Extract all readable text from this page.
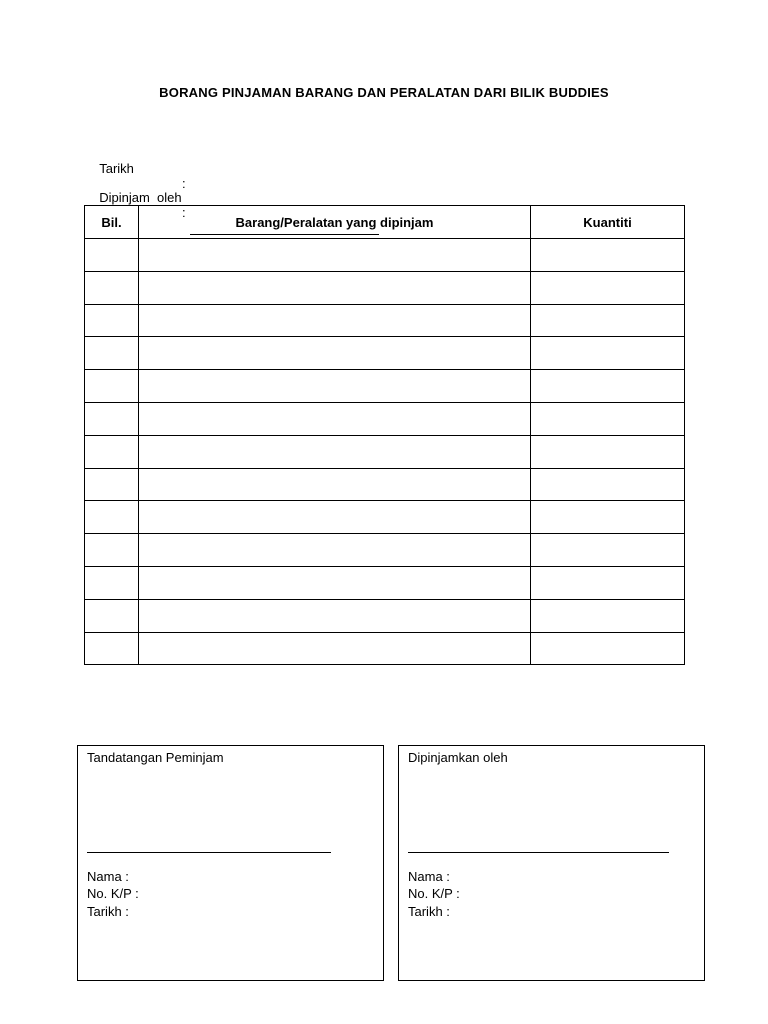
BORANG PINJAMAN BARANG DAN PERALATAN DARI BILIK BUDDIES

Tarikh

:

Dipinjam  oleh

:

Bil.	Barang/Peralatan yang dipinjam	Kuantiti

Tandatangan Peminjam
Nama :
No. K/P :
Tarikh :
Dipinjamkan oleh
Nama :
No. K/P :
Tarikh :
